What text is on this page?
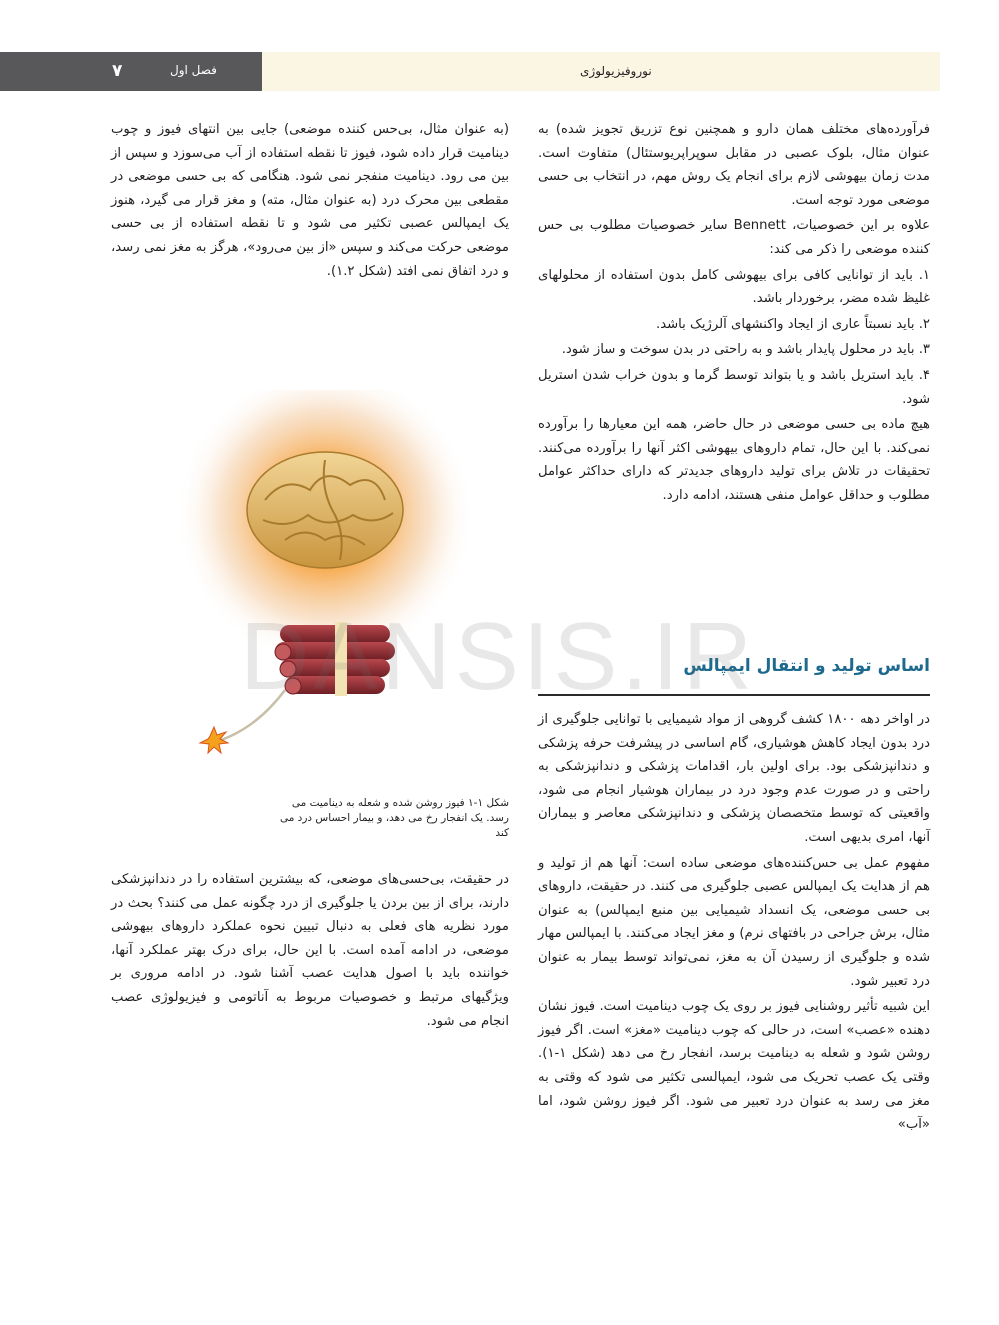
۷	فصل اول	نوروفیزیولوژی

فرآورده‌های مختلف همان دارو و همچنین نوع تزریق تجویز شده) به عنوان مثال، بلوک عصبی در مقابل سوپراپریوستئال) متفاوت است. مدت زمان بیهوشی لازم برای انجام یک روش مهم، در انتخاب بی حسی موضعی مورد توجه است.

علاوه بر این خصوصیات، Bennett سایر خصوصیات مطلوب بی حس کننده موضعی را ذکر می کند:

۱. باید از توانایی کافی برای بیهوشی کامل بدون استفاده از محلولهای غلیظ شده مضر، برخوردار باشد.

۲. باید نسبتاً عاری از ایجاد واکنشهای آلرژیک باشد.

۳. باید در محلول پایدار باشد و به راحتی در بدن سوخت و ساز شود.

۴. باید استریل باشد و یا بتواند توسط گرما و بدون خراب شدن استریل شود.

هیچ ماده بی حسی موضعی در حال حاضر، همه این معیارها را برآورده نمی‌کند. با این حال، تمام داروهای بیهوشی اکثر آنها را برآورده می‌کنند. تحقیقات در تلاش برای تولید داروهای جدیدتر که دارای حداکثر عوامل مطلوب و حداقل عوامل منفی هستند، ادامه دارد.

اساس تولید و انتقال ایمپالس

در اواخر دهه ۱۸۰۰ کشف گروهی از مواد شیمیایی با توانایی جلوگیری از درد بدون ایجاد کاهش هوشیاری، گام اساسی در پیشرفت حرفه پزشکی و دندانپزشکی بود. برای اولین بار، اقدامات پزشکی و دندانپزشکی به راحتی و در صورت عدم وجود درد در بیماران هوشیار انجام می شود، واقعیتی که توسط متخصصان پزشکی و دندانپزشکی معاصر و بیماران آنها، امری بدیهی است.

مفهوم عمل بی حس‌کننده‌های موضعی ساده است: آنها هم از تولید و هم از هدایت یک ایمپالس عصبی جلوگیری می کنند. در حقیقت، داروهای بی حسی موضعی، یک انسداد شیمیایی بین منبع ایمپالس) به عنوان مثال، برش جراحی در بافتهای نرم) و مغز ایجاد می‌کنند. با ایمپالس مهار شده و جلوگیری از رسیدن آن به مغز، نمی‌تواند توسط بیمار به عنوان درد تعبیر شود.

این شبیه تأثیر روشنایی فیوز بر روی یک چوب دینامیت است. فیوز نشان دهنده «عصب» است، در حالی که چوب دینامیت «مغز» است. اگر فیوز روشن شود و شعله به دینامیت برسد، انفجار رخ می دهد (شکل ۱-۱). وقتی یک عصب تحریک می شود، ایمپالسی تکثیر می شود که وقتی به مغز می رسد به عنوان درد تعبیر می شود. اگر فیوز روشن شود، اما «آب»

(به عنوان مثال، بی‌حس کننده موضعی) جایی بین انتهای فیوز و چوب دینامیت قرار داده شود، فیوز تا نقطه استفاده از آب می‌سوزد و سپس از بین می رود. دینامیت منفجر نمی شود. هنگامی که بی حسی موضعی در مقطعی بین محرک درد (به عنوان مثال، مته) و مغز قرار می گیرد، هنوز یک ایمپالس عصبی تکثیر می شود و تا نقطه استفاده از بی حسی موضعی حرکت می‌کند و سپس «از بین می‌رود»، هرگز به مغز نمی رسد، و درد اتفاق نمی افتد (شکل ۱.۲).

شکل ۱-۱ فیوز روشن شده و شعله به دینامیت می رسد. یک انفجار رخ می دهد، و بیمار احساس درد می کند

در حقیقت، بی‌حسی‌های موضعی، که بیشترین استفاده را در دندانپزشکی دارند، برای از بین بردن یا جلوگیری از درد چگونه عمل می کنند؟ بحث در مورد نظریه های فعلی به دنبال تبیین نحوه عملکرد داروهای بیهوشی موضعی، در ادامه آمده است. با این حال، برای درک بهتر عملکرد آنها، خواننده باید با اصول هدایت عصب آشنا شود. در ادامه مروری بر ویژگیهای مرتبط و خصوصیات مربوط به آناتومی و فیزیولوژی عصب انجام می شود.

DANSIS.IR
